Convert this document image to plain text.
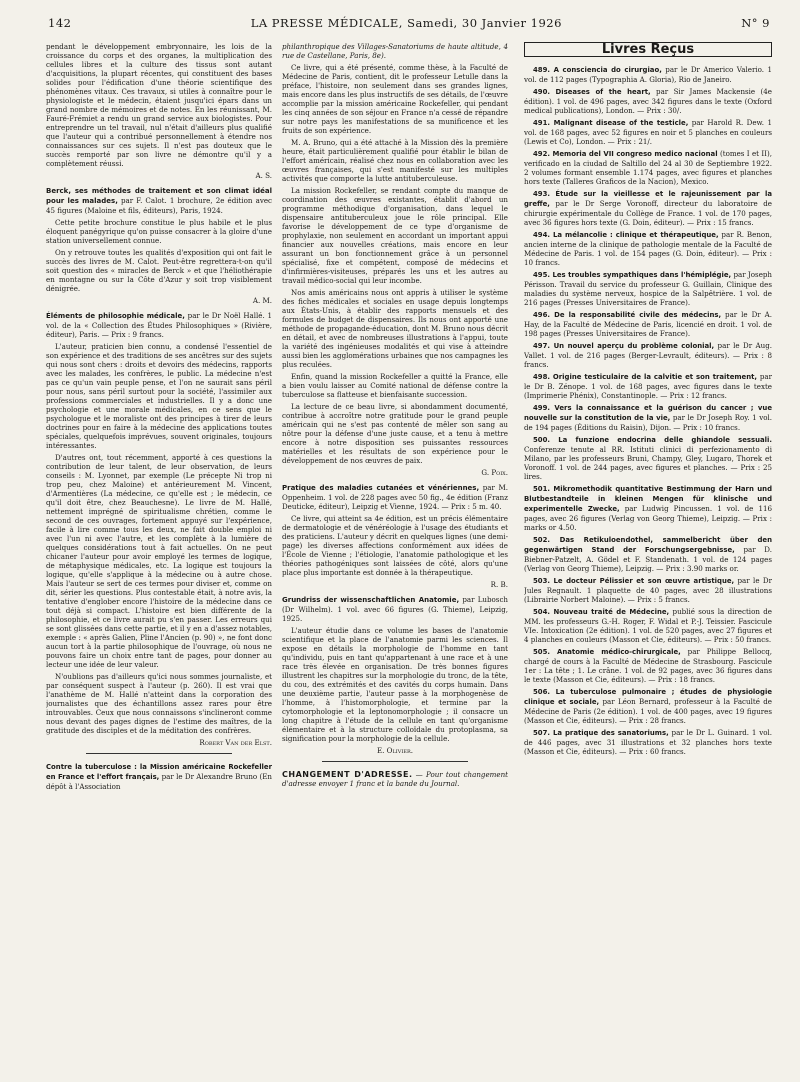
142	LA PRESSE MÉDICALE, Samedi, 30 Janvier 1926	N° 9

pendant le développement embryonnaire, les lois de la croissance du corps et des organes, la multiplication des cellules libres et la culture des tissus sont autant d'acquisitions, la plupart récentes, qui constituent des bases solides pour l'édification d'une théorie scientifique des phénomènes vitaux. Ces travaux, si utiles à connaître pour le physiologiste et le médecin, étaient jusqu'ici épars dans un grand nombre de mémoires et de notes. En les réunissant, M. Fauré-Frémiet a rendu un grand service aux biologistes. Pour entreprendre un tel travail, nul n'était d'ailleurs plus qualifié que l'auteur qui a contribué personnellement à étendre nos connaissances sur ces sujets. Il n'est pas douteux que le succès remporté par son livre ne démontre qu'il y a complètement réussi.

A. S.

Berck, ses méthodes de traitement et son climat idéal pour les malades, par F. Calot. 1 brochure, 2e édition avec 45 figures (Maloine et fils, éditeurs), Paris, 1924.

Cette petite brochure constitue le plus habile et le plus éloquent panégyrique qu'on puisse consacrer à la gloire d'une station universellement connue.

On y retrouve toutes les qualités d'exposition qui ont fait le succès des livres de M. Calot. Peut-être regrettera-t-on qu'il soit question des « miracles de Berck » et que l'héliothérapie en montagne ou sur la Côte d'Azur y soit trop visiblement dénigrée.

A. M.

Éléments de philosophie médicale, par le Dr Noël Hallé. 1 vol. de la « Collection des Études Philosophiques » (Rivière, éditeur), Paris. — Prix : 9 francs.

L'auteur, praticien bien connu, a condensé l'essentiel de son expérience et des traditions de ses ancêtres sur des sujets qui nous sont chers : droits et devoirs des médecins, rapports avec les malades, les confrères, le public. La médecine n'est pas ce qu'un vain peuple pense, et l'on ne saurait sans péril pour nous, sans péril surtout pour la société, l'assimiler aux professions commerciales et industrielles. Il y a donc une psychologie et une morale médicales, en ce sens que le psychologue et le moraliste ont des principes à tirer de leurs doctrines pour en faire à la médecine des applications toutes spéciales, quelquefois imprévues, souvent originales, toujours intéressantes.

D'autres ont, tout récemment, apporté à ces questions la contribution de leur talent, de leur observation, de leurs conseils : M. Lyonnet, par exemple (Le précepte Ni trop ni trop peu, chez Maloine) et antérieurement M. Vincent, d'Armentières (La médecine, ce qu'elle est ; le médecin, ce qu'il doit être, chez Beauchesne). Le livre de M. Hallé, nettement imprégné de spiritualisme chrétien, comme le second de ces ouvrages, fortement appuyé sur l'expérience, facile à lire comme tous les deux, ne fait double emploi ni avec l'un ni avec l'autre, et les complète à la lumière de quelques considérations tout à fait actuelles. On ne peut chicaner l'auteur pour avoir employé les termes de logique, de métaphysique médicales, etc. La logique est toujours la logique, qu'elle s'applique à la médecine ou à autre chose. Mais l'auteur se sert de ces termes pour diviser et, comme on dit, sérier les questions. Plus contestable était, à notre avis, la tentative d'englober encore l'histoire de la médecine dans ce tout déjà si compact. L'histoire est bien différente de la philosophie, et ce livre aurait pu s'en passer. Les erreurs qui se sont glissées dans cette partie, et il y en a d'assez notables, exemple : « après Galien, Pline l'Ancien (p. 90) », ne font donc aucun tort à la partie philosophique de l'ouvrage, où nous ne pouvons faire un choix entre tant de pages, pour donner au lecteur une idée de leur valeur.

N'oublions pas d'ailleurs qu'ici nous sommes journaliste, et par conséquent suspect à l'auteur (p. 260). Il est vrai que l'anathème de M. Hallé n'atteint dans la corporation des journalistes que des échantillons assez rares pour être introuvables. Ceux que nous connaissons s'inclineront comme nous devant des pages dignes de l'estime des maîtres, de la gratitude des disciples et de la méditation des confrères.

Robert Van der Elst.

Contre la tuberculose : la Mission américaine Rockefeller en France et l'effort français, par le Dr Alexandre Bruno (En dépôt à l'Association

philanthropique des Villages-Sanatoriums de haute altitude, 4 rue de Castellane, Paris, 8e).

Ce livre, qui a été présenté, comme thèse, à la Faculté de Médecine de Paris, contient, dit le professeur Letulle dans la préface, l'histoire, non seulement dans ses grandes lignes, mais encore dans les plus instructifs de ses détails, de l'œuvre accomplie par la mission américaine Rockefeller, qui pendant les cinq années de son séjour en France n'a cessé de répandre sur notre pays les manifestations de sa munificence et les fruits de son expérience.

M. A. Bruno, qui a été attaché à la Mission dès la première heure, était particulièrement qualifié pour établir le bilan de l'effort américain, réalisé chez nous en collaboration avec les œuvres françaises, qui s'est manifesté sur les multiples activités que comporte la lutte antituberculeuse.

La mission Rockefeller, se rendant compte du manque de coordination des œuvres existantes, établit d'abord un programme méthodique d'organisation, dans lequel le dispensaire antituberculeux joue le rôle principal. Elle favorise le développement de ce type d'organisme de prophylaxie, non seulement en accordant un important appui financier aux nouvelles créations, mais encore en leur assurant un bon fonctionnement grâce à un personnel spécialisé, fixe et compétent, composé de médecins et d'infirmières-visiteuses, préparés les uns et les autres au travail médico-social qui leur incombe.

Nos amis américains nous ont appris à utiliser le système des fiches médicales et sociales en usage depuis longtemps aux États-Unis, à établir des rapports mensuels et des formules de budget de dispensaires. Ils nous ont apporté une méthode de propagande-éducation, dont M. Bruno nous décrit en détail, et avec de nombreuses illustrations à l'appui, toute la variété des ingénieuses modalités et qui vise à atteindre aussi bien les agglomérations urbaines que nos campagnes les plus reculées.

Enfin, quand la mission Rockefeller a quitté la France, elle a bien voulu laisser au Comité national de défense contre la tuberculose sa flatteuse et bienfaisante succession.

La lecture de ce beau livre, si abondamment documenté, contribue à accroître notre gratitude pour le grand peuple américain qui ne s'est pas contenté de mêler son sang au nôtre pour la défense d'une juste cause, et a tenu à mettre encore à notre disposition ses puissantes ressources matérielles et les résultats de son expérience pour le développement de nos œuvres de paix.

G. Poix.

Pratique des maladies cutanées et vénériennes, par M. Oppenheim. 1 vol. de 228 pages avec 50 fig., 4e édition (Franz Deuticke, éditeur), Leipzig et Vienne, 1924. — Prix : 5 m. 40.

Ce livre, qui atteint sa 4e édition, est un précis élémentaire de dermatologie et de vénéréologie à l'usage des étudiants et des praticiens. L'auteur y décrit en quelques lignes (une demi-page) les diverses affections conformément aux idées de l'École de Vienne ; l'étiologie, l'anatomie pathologique et les théories pathogéniques sont laissées de côté, alors qu'une place plus importante est donnée à la thérapeutique.

R. B.

Grundriss der wissenschaftlichen Anatomie, par Lubosch (Dr Wilhelm). 1 vol. avec 66 figures (G. Thieme), Leipzig, 1925.

L'auteur étudie dans ce volume les bases de l'anatomie scientifique et la place de l'anatomie parmi les sciences. Il expose en détails la morphologie de l'homme en tant qu'individu, puis en tant qu'appartenant à une race et à une race très élevée en organisation. De très bonnes figures illustrent les chapitres sur la morphologie du tronc, de la tête, du cou, des extrémités et des cavités du corps humain. Dans une deuxième partie, l'auteur passe à la morphogenèse de l'homme, à l'histomorphologie, et termine par la cytomorphologie et la leptonomorphologie ; il consacre un long chapitre à l'étude de la cellule en tant qu'organisme élémentaire et à la structure colloïdale du protoplasma, sa signification pour la morphologie de la cellule.

E. Olivier.

CHANGEMENT D'ADRESSE. — Pour tout changement d'adresse envoyer 1 franc et la bande du Journal.

Livres Reçus

489. A consciencia do cirurgiao, par le Dr Americo Valerio. 1 vol. de 112 pages (Typographia A. Gloria), Rio de Janeiro.

490. Diseases of the heart, par Sir James Mackensie (4e édition). 1 vol. de 496 pages, avec 342 figures dans le texte (Oxford medical publications), London. — Prix : 30/.

491. Malignant disease of the testicle, par Harold R. Dew. 1 vol. de 168 pages, avec 52 figures en noir et 5 planches en couleurs (Lewis et Co), London. — Prix : 21/.

492. Memoria del VII congreso medico nacional (tomes I et II), verificado en la ciudad de Saltillo del 24 al 30 de Septiembre 1922. 2 volumes formant ensemble 1.174 pages, avec figures et planches hors texte (Talleres Graficos de la Nacion), Mexico.

493. Étude sur la vieillesse et le rajeunissement par la greffe, par le Dr Serge Voronoff, directeur du laboratoire de chirurgie expérimentale du Collège de France. 1 vol. de 170 pages, avec 36 figures hors texte (G. Doin, éditeur). — Prix : 15 francs.

494. La mélancolie : clinique et thérapeutique, par R. Benon, ancien interne de la clinique de pathologie mentale de la Faculté de Médecine de Paris. 1 vol. de 154 pages (G. Doin, éditeur). — Prix : 10 francs.

495. Les troubles sympathiques dans l'hémiplégie, par Joseph Périsson. Travail du service du professeur G. Guillain, Clinique des maladies du système nerveux, hospice de la Salpêtrière. 1 vol. de 216 pages (Presses Universitaires de France).

496. De la responsabilité civile des médecins, par le Dr A. Hay, de la Faculté de Médecine de Paris, licencié en droit. 1 vol. de 198 pages (Presses Universitaires de France).

497. Un nouvel aperçu du problème colonial, par le Dr Aug. Vallet. 1 vol. de 216 pages (Berger-Levrault, éditeurs). — Prix : 8 francs.

498. Origine testiculaire de la calvitie et son traitement, par le Dr B. Zénope. 1 vol. de 168 pages, avec figures dans le texte (Imprimerie Phénix), Constantinople. — Prix : 12 francs.

499. Vers la connaissance et la guérison du cancer ; vue nouvelle sur la constitution de la vie, par le Dr Joseph Roy. 1 vol. de 194 pages (Éditions du Raisin), Dijon. — Prix : 10 francs.

500. La funzione endocrina delle ghiandole sessuali. Conferenze tenute al RR. Istituti clinici di perfezionamento di Milano, par les professeurs Bruni, Champy, Gley, Lugaro, Thorek et Voronoff. 1 vol. de 244 pages, avec figures et planches. — Prix : 25 lires.

501. Mikromethodik quantitative Bestimmung der Harn und Blutbestandteile in kleinen Mengen für klinische und experimentelle Zwecke, par Ludwig Pincussen. 1 vol. de 116 pages, avec 26 figures (Verlag von Georg Thieme), Leipzig. — Prix : marks or 4.50.

502. Das Retikuloendothel, sammelbericht über den gegenwärtigen Stand der Forschungsergebnisse, par D. Biebner-Patzelt, A. Gödel et F. Standenath. 1 vol. de 124 pages (Verlag von Georg Thieme), Leipzig. — Prix : 3.90 marks or.

503. Le docteur Pélissier et son œuvre artistique, par le Dr Jules Regnault. 1 plaquette de 40 pages, avec 28 illustrations (Librairie Norbert Maloine). — Prix : 5 francs.

504. Nouveau traité de Médecine, publié sous la direction de MM. les professeurs G.-H. Roger, F. Widal et P.-J. Teissier. Fascicule VIe. Intoxication (2e édition). 1 vol. de 520 pages, avec 27 figures et 4 planches en couleurs (Masson et Cie, éditeurs). — Prix : 50 francs.

505. Anatomie médico-chirurgicale, par Philippe Bellocq, chargé de cours à la Faculté de Médecine de Strasbourg. Fascicule 1er : La tête ; 1. Le crâne. 1 vol. de 92 pages, avec 36 figures dans le texte (Masson et Cie, éditeurs). — Prix : 18 francs.

506. La tuberculose pulmonaire ; études de physiologie clinique et sociale, par Léon Bernard, professeur à la Faculté de Médecine de Paris (2e édition). 1 vol. de 400 pages, avec 19 figures (Masson et Cie, éditeurs). — Prix : 28 francs.

507. La pratique des sanatoriums, par le Dr L. Guinard. 1 vol. de 446 pages, avec 31 illustrations et 32 planches hors texte (Masson et Cie, éditeurs). — Prix : 60 francs.
